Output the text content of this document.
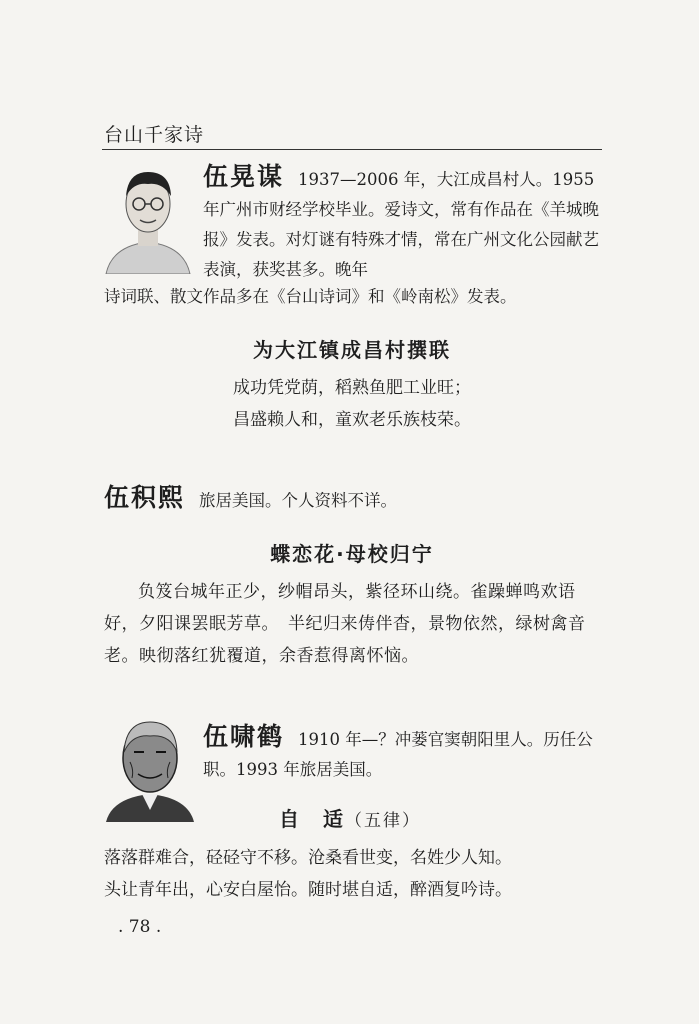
台山千家诗
伍晃谋 1937—2006 年，大江成昌村人。1955 年广州市财经学校毕业。爱诗文，常有作品在《羊城晚报》发表。对灯谜有特殊才情，常在广州文化公园献艺表演，获奖甚多。晚年
诗词联、散文作品多在《台山诗词》和《岭南松》发表。
为大江镇成昌村撰联
成功凭党荫，稻熟鱼肥工业旺；
昌盛赖人和，童欢老乐族枝荣。
伍积熙 旅居美国。个人资料不详。
蝶恋花·母校归宁
负笈台城年正少，纱帽昂头，紫径环山绕。雀躁蝉鸣欢语好，夕阳课罢眠芳草。　半纪归来俦伴杳，景物依然，绿树禽音老。映彻落红犹覆道，余香惹得离怀恼。
伍啸鹤 1910 年—？冲蒌官窦朝阳里人。历任公职。1993 年旅居美国。
自　适（五律）
落落群难合，硁硁守不移。沧桑看世变，名姓少人知。
头让青年出，心安白屋怡。随时堪自适，醉酒复吟诗。
. 78 .
